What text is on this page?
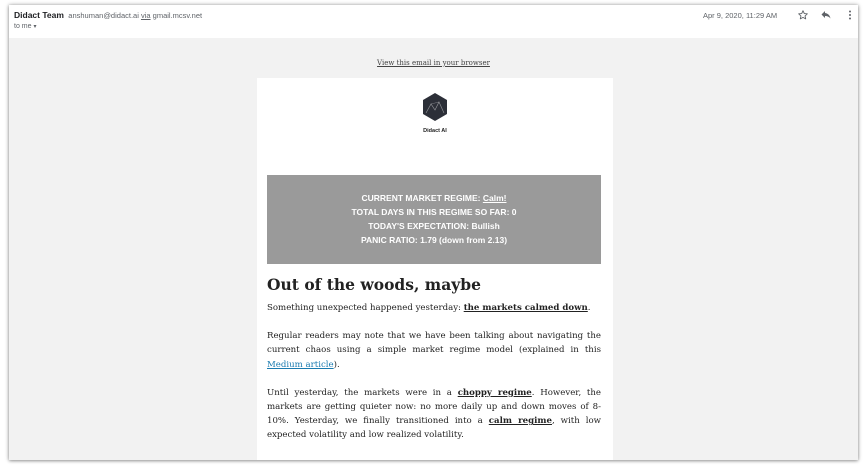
Didact Team anshuman@didact.ai via gmail.mcsv.net
to me ▾
Apr 9, 2020, 11:29 AM
View this email in your browser
Didact AI
CURRENT MARKET REGIME: Calm!
TOTAL DAYS IN THIS REGIME SO FAR: 0
TODAY'S EXPECTATION: Bullish
PANIC RATIO: 1.79 (down from 2.13)
Out of the woods, maybe

Something unexpected happened yesterday: the markets calmed down.

Regular readers may note that we have been talking about navigating the current chaos using a simple market regime model (explained in this Medium article).

Until yesterday, the markets were in a choppy regime. However, the markets are getting quieter now: no more daily up and down moves of 8-10%. Yesterday, we finally transitioned into a calm regime, with low expected volatility and low realized volatility.
